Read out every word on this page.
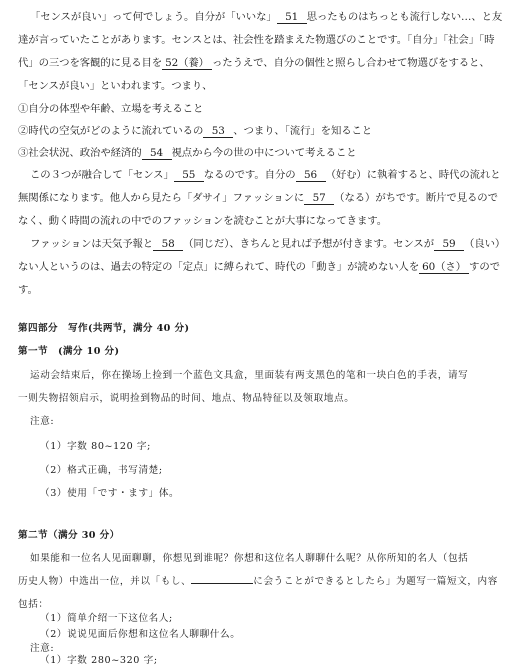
「センスが良い」って何でしょう。自分が「いいな」 51 思ったものはちっとも流行しない…、と友
達が言っていたことがあります。センスとは、社会性を踏まえた物選びのことです。「自分」「社会」「時
代」の三つを客観的に見る目を 52（養） ったうえで、自分の個性と照らし合わせて物選びをすると、
「センスが良い」といわれます。つまり、
①自分の体型や年齢、立場を考えること
②時代の空気がどのように流れているの 53 、つまり、「流行」を知ること
③社会状況、政治や経済的 54 視点から今の世の中について考えること
この３つが融合して「センス」 55 なるのです。自分の 56 （好む）に執着すると、時代の流れと
無関係になります。他人から見たら「ダサイ」ファッションに 57 （なる）がちです。断片で見るので
なく、動く時間の流れの中でのファッションを読むことが大事になってきます。
ファッションは天気予報と 58 （同じだ）、きちんと見れば予想が付きます。センスが 59 （良い）
ない人というのは、過去の特定の「定点」に縛られて、時代の「動き」が読めない人を 60（さ） すので
す。
第四部分　写作(共两节，满分 40 分)
第一节　(满分 10 分)
运动会结束后，你在操场上捡到一个蓝色文具盒，里面装有两支黑色的笔和一块白色的手表，请写
一则失物招领启示，说明捡到物品的时间、地点、物品特征以及领取地点。
注意:
（1）字数 80~120 字;
（2）格式正确，书写清楚;
（3）使用「です・ます」体。
第二节（满分 30 分）
如果能和一位名人见面聊聊，你想见到谁呢？你想和这位名人聊聊什么呢？从你所知的名人（包括
历史人物）中选出一位，并以「もし、	に会うことができるとしたら」为题写一篇短文，内容
包括：
（1）简单介绍一下这位名人;
（2）说说见面后你想和这位名人聊聊什么。
注意:
（1）字数 280~320 字;
